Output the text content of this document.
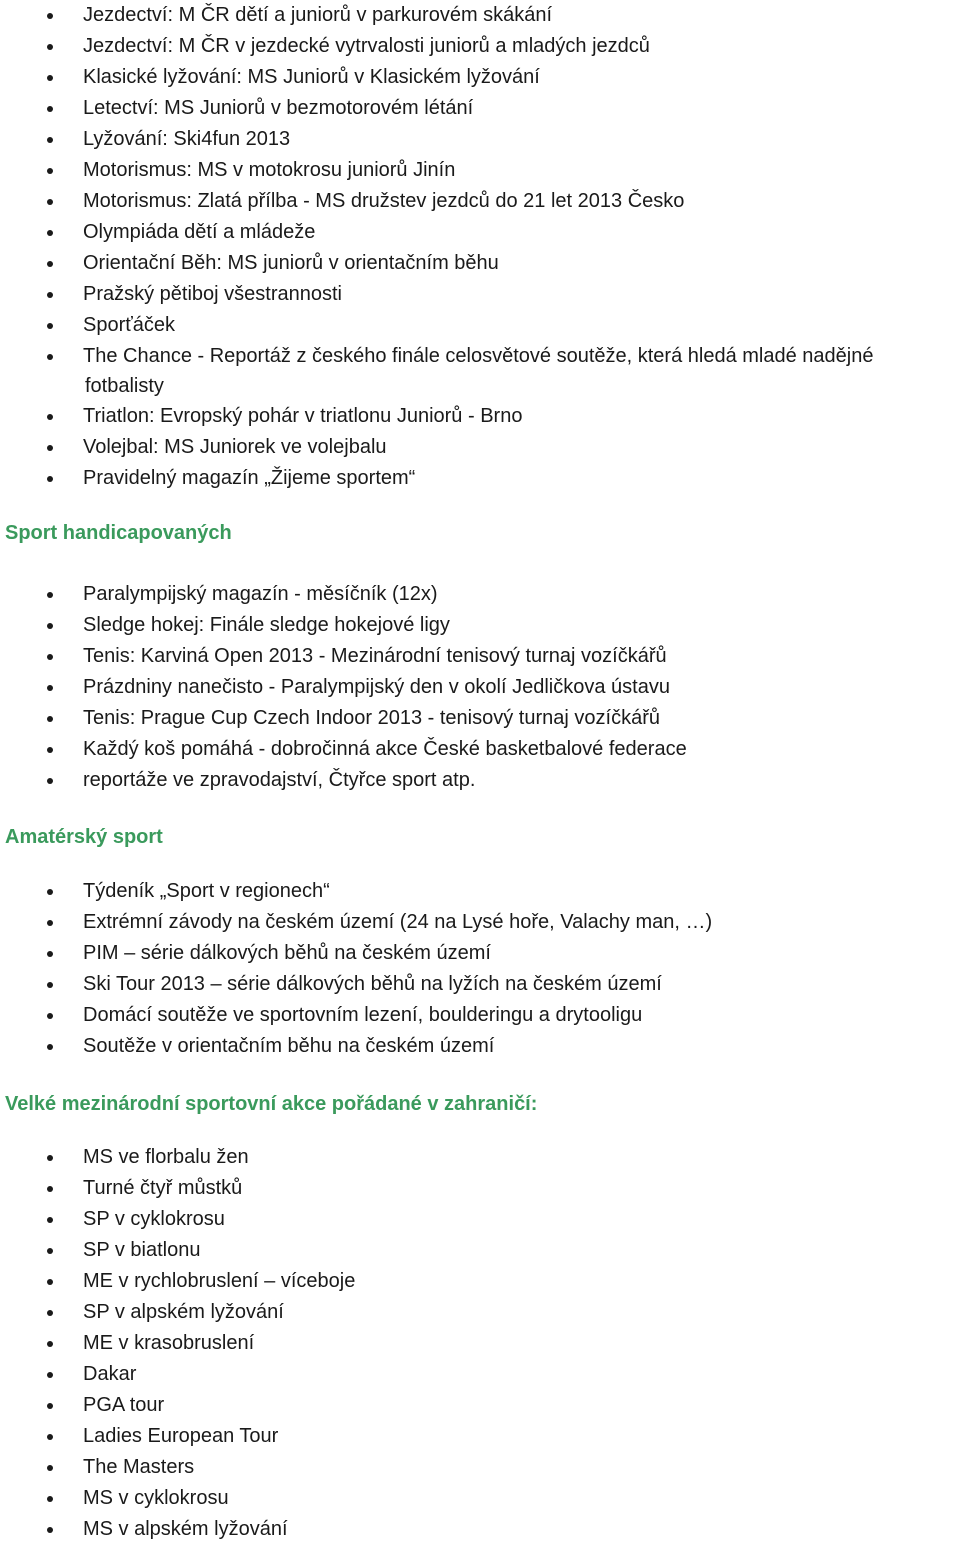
Jezdectví: M ČR dětí a juniorů v parkurovém skákání
Jezdectví: M ČR v jezdecké vytrvalosti juniorů a mladých jezdců
Klasické lyžování: MS Juniorů v Klasickém lyžování
Letectví: MS Juniorů v bezmotorovém létání
Lyžování: Ski4fun 2013
Motorismus: MS v motokrosu juniorů Jinín
Motorismus: Zlatá přílba - MS družstev jezdců do 21 let 2013 Česko
Olympiáda dětí a mládeže
Orientační Běh: MS juniorů v orientačním běhu
Pražský pětiboj všestrannosti
Sporťáček
The Chance - Reportáž z českého finále celosvětové soutěže, která hledá mladé nadějné
fotbalisty
Triatlon: Evropský pohár v triatlonu Juniorů - Brno
Volejbal: MS Juniorek ve volejbalu
Pravidelný magazín „Žijeme sportem“
Sport handicapovaných
Paralympijský magazín - měsíčník (12x)
Sledge hokej: Finále sledge hokejové ligy
Tenis: Karviná Open 2013 - Mezinárodní tenisový turnaj vozíčkářů
Prázdniny nanečisto - Paralympijský den v okolí Jedličkova ústavu
Tenis: Prague Cup Czech Indoor 2013 - tenisový turnaj vozíčkářů
Každý koš pomáhá - dobročinná akce České basketbalové federace
reportáže ve zpravodajství, Čtyřce sport atp.
Amatérský sport
Týdeník „Sport v regionech“
Extrémní závody na českém území (24 na Lysé hoře, Valachy man, …)
PIM – série dálkových běhů na českém území
Ski Tour 2013 – série dálkových běhů na lyžích na českém území
Domácí soutěže ve sportovním lezení, boulderingu a drytooligu
Soutěže v orientačním běhu na českém území
Velké mezinárodní sportovní akce pořádané v zahraničí:
MS ve florbalu žen
Turné čtyř můstků
SP v cyklokrosu
SP v biatlonu
ME v rychlobruslení – víceboje
SP v alpském lyžování
ME v krasobruslení
Dakar
PGA tour
Ladies European Tour
The Masters
MS v cyklokrosu
MS v alpském lyžování
